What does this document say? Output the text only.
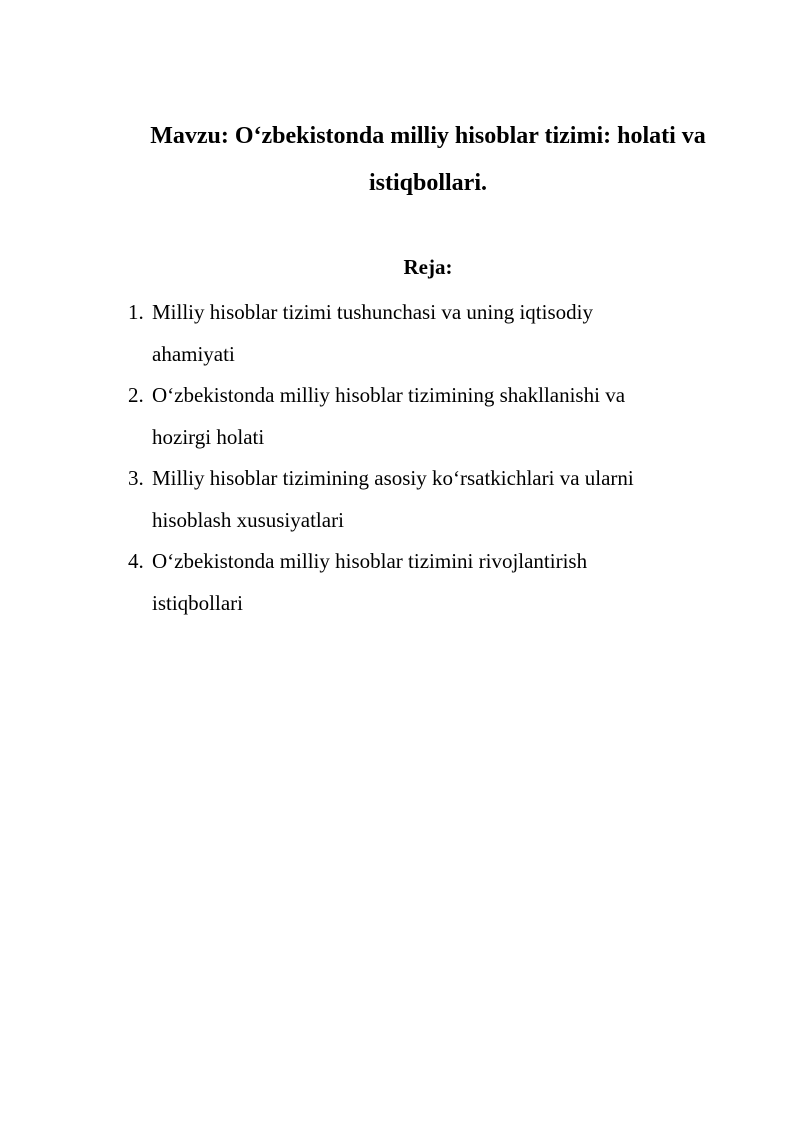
Mavzu: O‘zbekistonda milliy hisoblar tizimi: holati va
istiqbollari.
Reja:
1. Milliy hisoblar tizimi tushunchasi va uning iqtisodiy
ahamiyati
2. O‘zbekistonda milliy hisoblar tizimining shakllanishi va
hozirgi holati
3. Milliy hisoblar tizimining asosiy ko‘rsatkichlari va ularni
hisoblash xususiyatlari
4. O‘zbekistonda milliy hisoblar tizimini rivojlantirish
istiqbollari
